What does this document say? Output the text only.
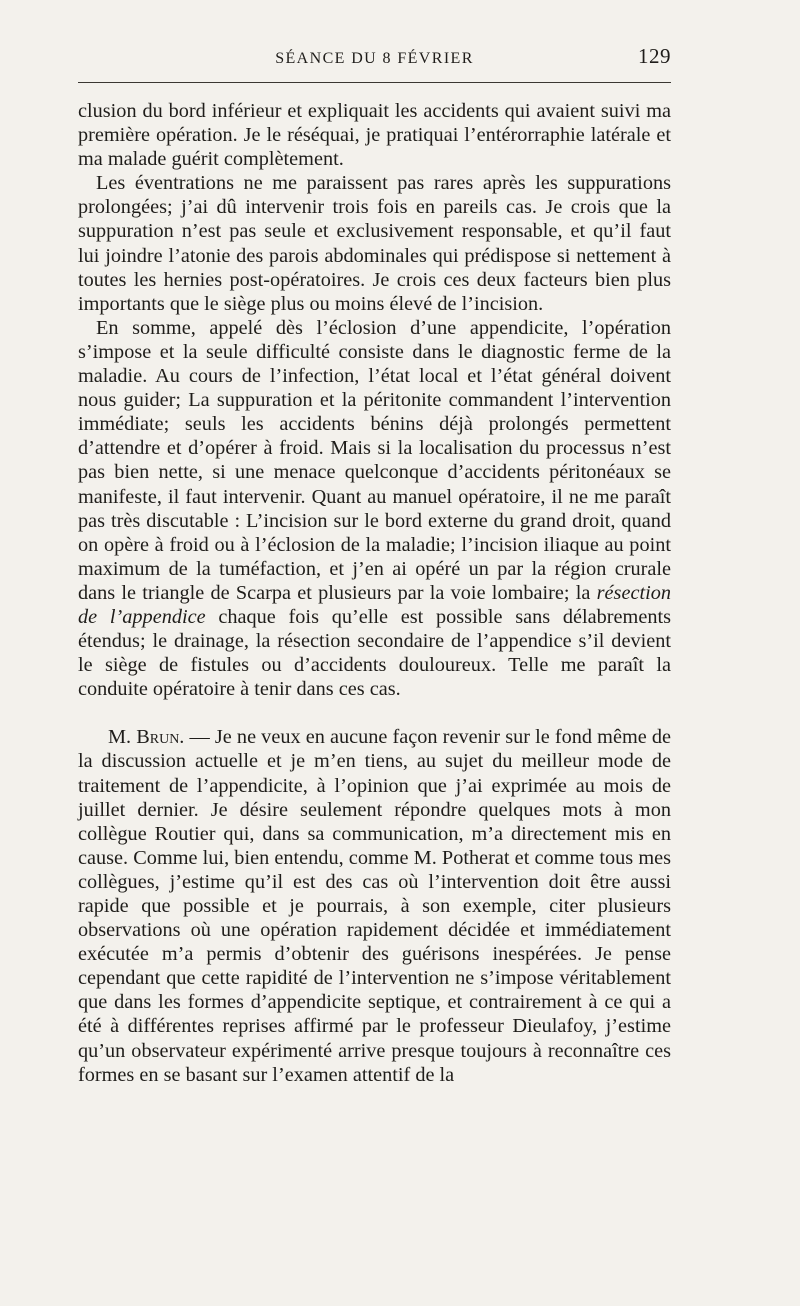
SÉANCE DU 8 FÉVRIER	129

clusion du bord inférieur et expliquait les accidents qui avaient suivi ma première opération. Je le réséquai, je pratiquai l’entérorraphie latérale et ma malade guérit complètement.

Les éventrations ne me paraissent pas rares après les suppurations prolongées; j’ai dû intervenir trois fois en pareils cas. Je crois que la suppuration n’est pas seule et exclusivement responsable, et qu’il faut lui joindre l’atonie des parois abdominales qui prédispose si nettement à toutes les hernies post-opératoires. Je crois ces deux facteurs bien plus importants que le siège plus ou moins élevé de l’incision.

En somme, appelé dès l’éclosion d’une appendicite, l’opération s’impose et la seule difficulté consiste dans le diagnostic ferme de la maladie. Au cours de l’infection, l’état local et l’état général doivent nous guider; La suppuration et la péritonite commandent l’intervention immédiate; seuls les accidents bénins déjà prolongés permettent d’attendre et d’opérer à froid. Mais si la localisation du processus n’est pas bien nette, si une menace quelconque d’accidents péritonéaux se manifeste, il faut intervenir. Quant au manuel opératoire, il ne me paraît pas très discutable : L’incision sur le bord externe du grand droit, quand on opère à froid ou à l’éclosion de la maladie; l’incision iliaque au point maximum de la tuméfaction, et j’en ai opéré un par la région crurale dans le triangle de Scarpa et plusieurs par la voie lombaire; la résection de l’appendice chaque fois qu’elle est possible sans délabrements étendus; le drainage, la résection secondaire de l’appendice s’il devient le siège de fistules ou d’accidents douloureux. Telle me paraît la conduite opératoire à tenir dans ces cas.

M. Brun. — Je ne veux en aucune façon revenir sur le fond même de la discussion actuelle et je m’en tiens, au sujet du meilleur mode de traitement de l’appendicite, à l’opinion que j’ai exprimée au mois de juillet dernier. Je désire seulement répondre quelques mots à mon collègue Routier qui, dans sa communication, m’a directement mis en cause. Comme lui, bien entendu, comme M. Potherat et comme tous mes collègues, j’estime qu’il est des cas où l’intervention doit être aussi rapide que possible et je pourrais, à son exemple, citer plusieurs observations où une opération rapidement décidée et immédiatement exécutée m’a permis d’obtenir des guérisons inespérées. Je pense cependant que cette rapidité de l’intervention ne s’impose véritablement que dans les formes d’appendicite septique, et contrairement à ce qui a été à différentes reprises affirmé par le professeur Dieulafoy, j’estime qu’un observateur expérimenté arrive presque toujours à reconnaître ces formes en se basant sur l’examen attentif de la
